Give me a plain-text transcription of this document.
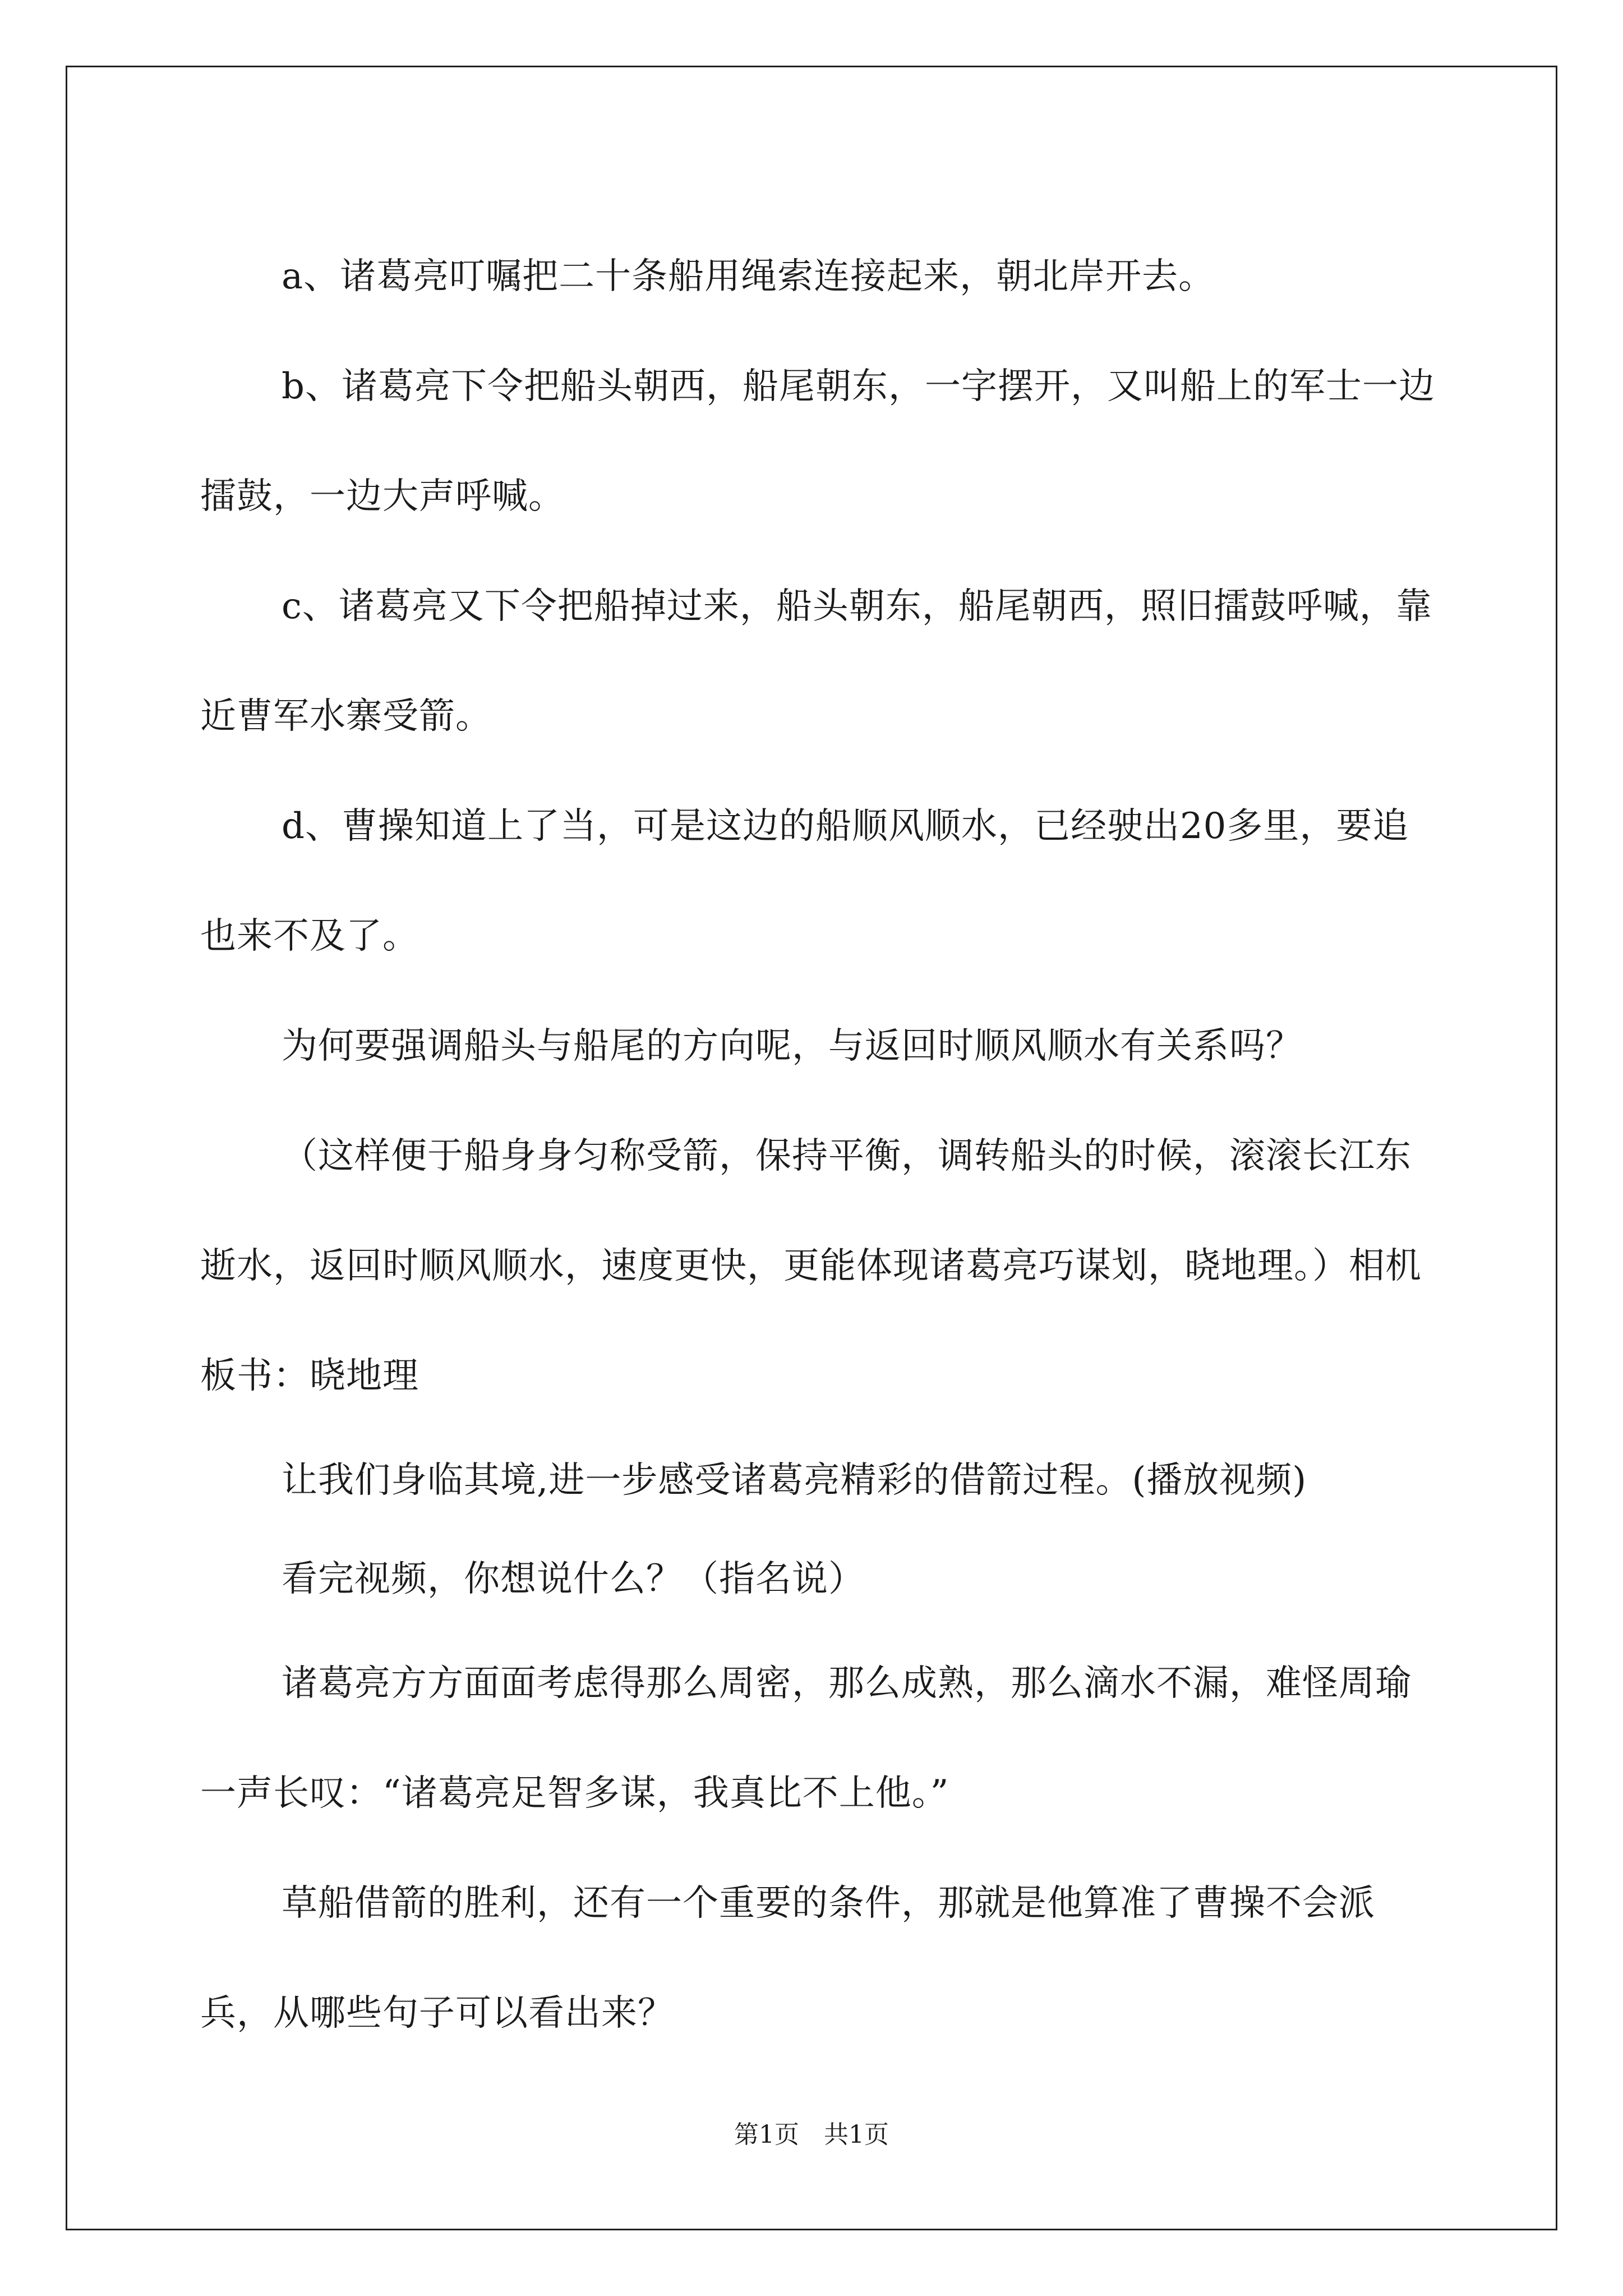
a、诸葛亮叮嘱把二十条船用绳索连接起来，朝北岸开去。

b、诸葛亮下令把船头朝西，船尾朝东，一字摆开，又叫船上的军士一边擂鼓，一边大声呼喊。

c、诸葛亮又下令把船掉过来，船头朝东，船尾朝西，照旧擂鼓呼喊，靠近曹军水寨受箭。

d、曹操知道上了当，可是这边的船顺风顺水，已经驶出20多里，要追也来不及了。

为何要强调船头与船尾的方向呢，与返回时顺风顺水有关系吗？

（这样便于船身身匀称受箭，保持平衡，调转船头的时候，滚滚长江东逝水，返回时顺风顺水，速度更快，更能体现诸葛亮巧谋划，晓地理。）相机板书：晓地理

让我们身临其境,进一步感受诸葛亮精彩的借箭过程。(播放视频)

看完视频，你想说什么？（指名说）

诸葛亮方方面面考虑得那么周密，那么成熟，那么滴水不漏，难怪周瑜一声长叹：“诸葛亮足智多谋，我真比不上他。”

草船借箭的胜利，还有一个重要的条件，那就是他算准了曹操不会派兵，从哪些句子可以看出来？

第1页　共1页
